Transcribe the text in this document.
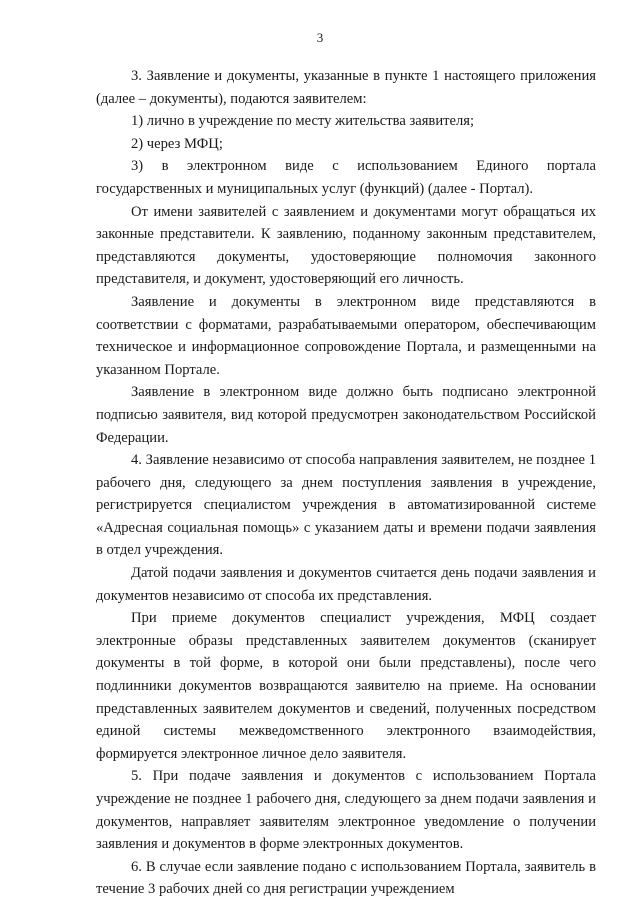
3

3. Заявление и документы, указанные в пункте 1 настоящего приложения (далее – документы), подаются заявителем:

1) лично в учреждение по месту жительства заявителя;

2) через МФЦ;

3) в электронном виде с использованием Единого портала государственных и муниципальных услуг (функций) (далее - Портал).

От имени заявителей с заявлением и документами могут обращаться их законные представители. К заявлению, поданному законным представителем, представляются документы, удостоверяющие полномочия законного представителя, и документ, удостоверяющий его личность.

Заявление и документы в электронном виде представляются в соответствии с форматами, разрабатываемыми оператором, обеспечивающим техническое и информационное сопровождение Портала, и размещенными на указанном Портале.

Заявление в электронном виде должно быть подписано электронной подписью заявителя, вид которой предусмотрен законодательством Российской Федерации.

4. Заявление независимо от способа направления заявителем, не позднее 1 рабочего дня, следующего за днем поступления заявления в учреждение, регистрируется специалистом учреждения в автоматизированной системе «Адресная социальная помощь» с указанием даты и времени подачи заявления в отдел учреждения.

Датой подачи заявления и документов считается день подачи заявления и документов независимо от способа их представления.

При приеме документов специалист учреждения, МФЦ создает электронные образы представленных заявителем документов (сканирует документы в той форме, в которой они были представлены), после чего подлинники документов возвращаются заявителю на приеме. На основании представленных заявителем документов и сведений, полученных посредством единой системы межведомственного электронного взаимодействия, формируется электронное личное дело заявителя.

5. При подаче заявления и документов с использованием Портала учреждение не позднее 1 рабочего дня, следующего за днем подачи заявления и документов, направляет заявителям электронное уведомление о получении заявления и документов в форме электронных документов.

6. В случае если заявление подано с использованием Портала, заявитель в течение 3 рабочих дней со дня регистрации учреждением
